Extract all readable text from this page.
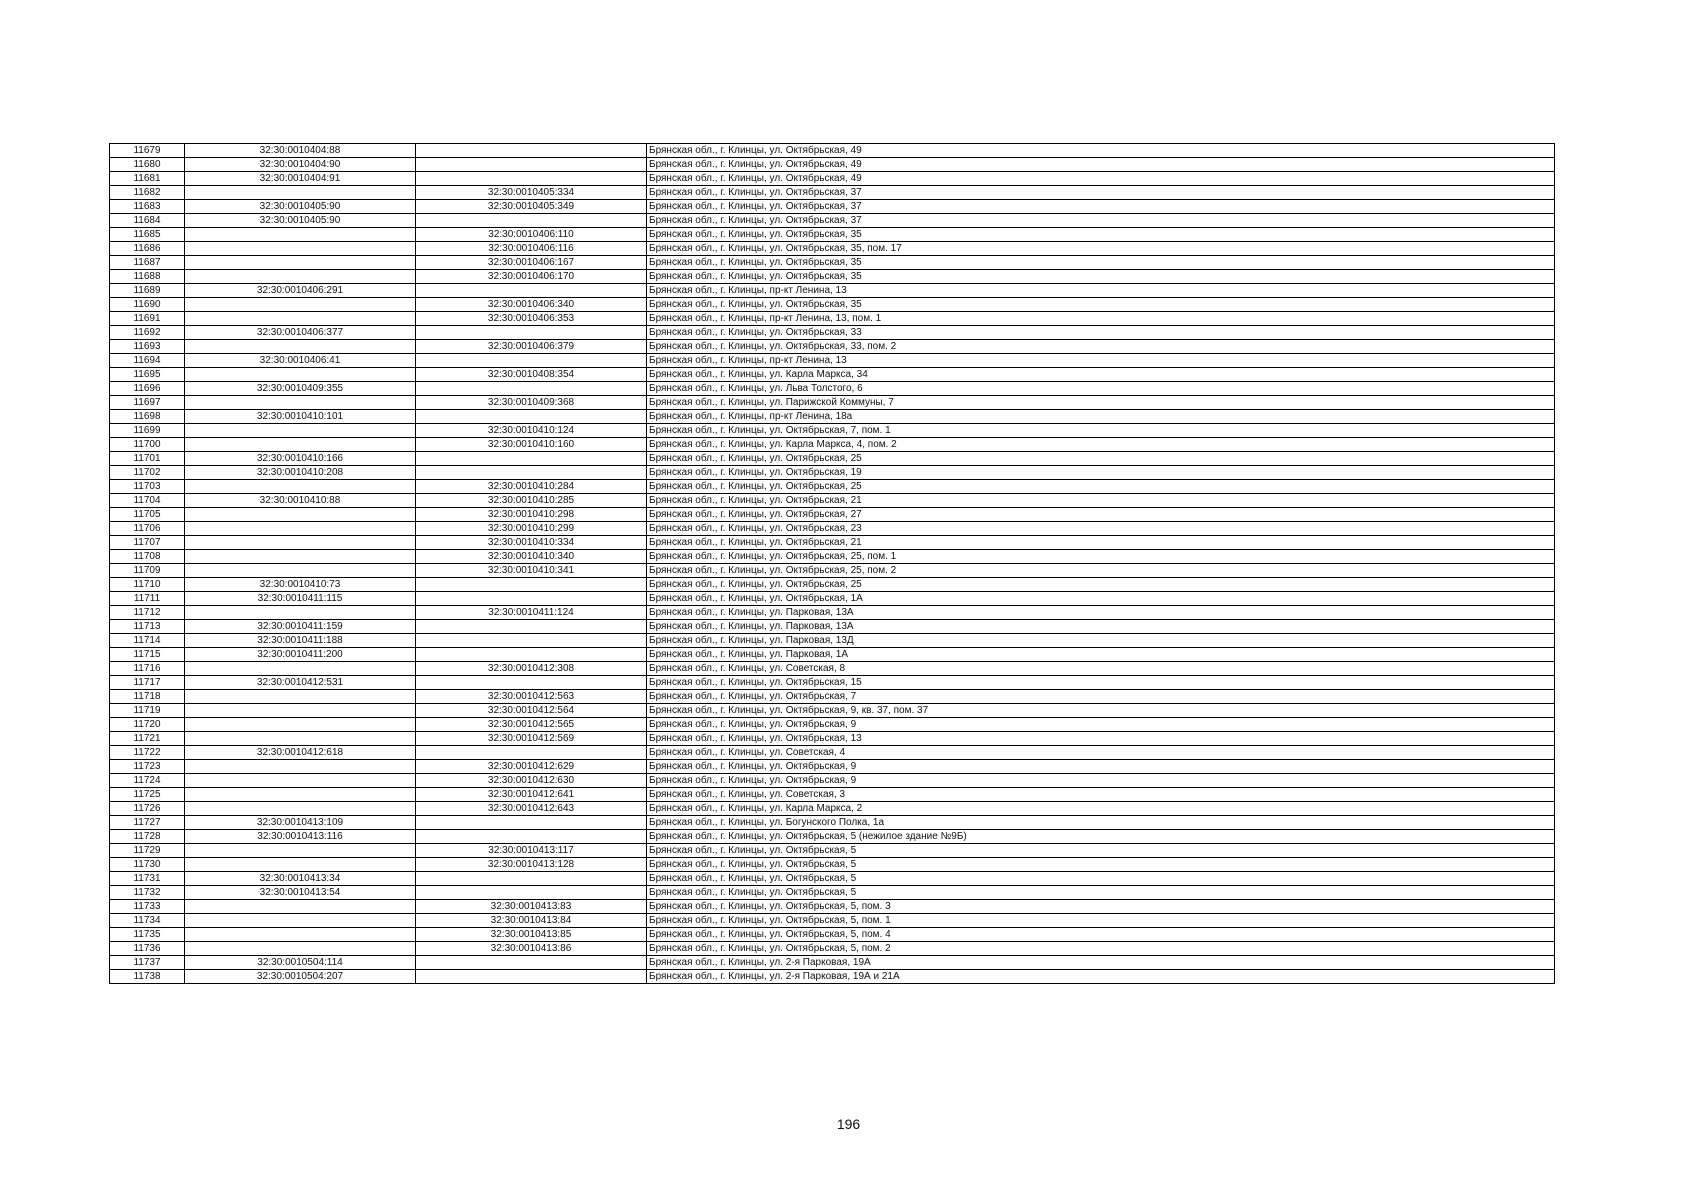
11679	32:30:0010404:88		Брянская обл., г. Клинцы, ул. Октябрьская, 49
11680	32:30:0010404:90		Брянская обл., г. Клинцы, ул. Октябрьская, 49
11681	32:30:0010404:91		Брянская обл., г. Клинцы, ул. Октябрьская, 49
11682		32:30:0010405:334	Брянская обл., г. Клинцы, ул. Октябрьская, 37
11683	32:30:0010405:90	32:30:0010405:349	Брянская обл., г. Клинцы, ул. Октябрьская, 37
11684	32:30:0010405:90		Брянская обл., г. Клинцы, ул. Октябрьская, 37
11685		32:30:0010406:110	Брянская обл., г. Клинцы, ул. Октябрьская, 35
11686		32:30:0010406:116	Брянская обл., г. Клинцы, ул. Октябрьская, 35, пом. 17
11687		32:30:0010406:167	Брянская обл., г. Клинцы, ул. Октябрьская, 35
11688		32:30:0010406:170	Брянская обл., г. Клинцы, ул. Октябрьская, 35
11689	32:30:0010406:291		Брянская обл., г. Клинцы, пр-кт Ленина, 13
11690		32:30:0010406:340	Брянская обл., г. Клинцы, ул. Октябрьская, 35
11691		32:30:0010406:353	Брянская обл., г. Клинцы, пр-кт Ленина, 13, пом. 1
11692	32:30:0010406:377		Брянская обл., г. Клинцы, ул. Октябрьская, 33
11693		32:30:0010406:379	Брянская обл., г. Клинцы, ул. Октябрьская, 33, пом. 2
11694	32:30:0010406:41		Брянская обл., г. Клинцы, пр-кт Ленина, 13
11695		32:30:0010408:354	Брянская обл., г. Клинцы, ул. Карла Маркса, 34
11696	32:30:0010409:355		Брянская обл., г. Клинцы, ул. Льва Толстого, 6
11697		32:30:0010409:368	Брянская обл., г. Клинцы, ул. Парижской Коммуны, 7
11698	32:30:0010410:101		Брянская обл., г. Клинцы, пр-кт Ленина, 18а
11699		32:30:0010410:124	Брянская обл., г. Клинцы, ул. Октябрьская, 7, пом. 1
11700		32:30:0010410:160	Брянская обл., г. Клинцы, ул. Карла Маркса, 4, пом. 2
11701	32:30:0010410:166		Брянская обл., г. Клинцы, ул. Октябрьская, 25
11702	32:30:0010410:208		Брянская обл., г. Клинцы, ул. Октябрьская, 19
11703		32:30:0010410:284	Брянская обл., г. Клинцы, ул. Октябрьская, 25
11704	32:30:0010410:88	32:30:0010410:285	Брянская обл., г. Клинцы, ул. Октябрьская, 21
11705		32:30:0010410:298	Брянская обл., г. Клинцы, ул. Октябрьская, 27
11706		32:30:0010410:299	Брянская обл., г. Клинцы, ул. Октябрьская, 23
11707		32:30:0010410:334	Брянская обл., г. Клинцы, ул. Октябрьская, 21
11708		32:30:0010410:340	Брянская обл., г. Клинцы, ул. Октябрьская, 25, пом. 1
11709		32:30:0010410:341	Брянская обл., г. Клинцы, ул. Октябрьская, 25, пом. 2
11710	32:30:0010410:73		Брянская обл., г. Клинцы, ул. Октябрьская, 25
11711	32:30:0010411:115		Брянская обл., г. Клинцы, ул. Октябрьская, 1А
11712		32:30:0010411:124	Брянская обл., г. Клинцы, ул. Парковая, 13А
11713	32:30:0010411:159		Брянская обл., г. Клинцы, ул. Парковая, 13А
11714	32:30:0010411:188		Брянская обл., г. Клинцы, ул. Парковая, 13Д
11715	32:30:0010411:200		Брянская обл., г. Клинцы, ул. Парковая, 1А
11716		32:30:0010412:308	Брянская обл., г. Клинцы, ул. Советская, 8
11717	32:30:0010412:531		Брянская обл., г. Клинцы, ул. Октябрьская, 15
11718		32:30:0010412:563	Брянская обл., г. Клинцы, ул. Октябрьская, 7
11719		32:30:0010412:564	Брянская обл., г. Клинцы, ул. Октябрьская, 9, кв. 37, пом. 37
11720		32:30:0010412:565	Брянская обл., г. Клинцы, ул. Октябрьская, 9
11721		32:30:0010412:569	Брянская обл., г. Клинцы, ул. Октябрьская, 13
11722	32:30:0010412:618		Брянская обл., г. Клинцы, ул. Советская, 4
11723		32:30:0010412:629	Брянская обл., г. Клинцы, ул. Октябрьская, 9
11724		32:30:0010412:630	Брянская обл., г. Клинцы, ул. Октябрьская, 9
11725		32:30:0010412:641	Брянская обл., г. Клинцы, ул. Советская, 3
11726		32:30:0010412:643	Брянская обл., г. Клинцы, ул. Карла Маркса, 2
11727	32:30:0010413:109		Брянская обл., г. Клинцы, ул. Богунского Полка, 1а
11728	32:30:0010413:116		Брянская обл., г. Клинцы, ул. Октябрьская, 5 (нежилое здание №9Б)
11729		32:30:0010413:117	Брянская обл., г. Клинцы, ул. Октябрьская, 5
11730		32:30:0010413:128	Брянская обл., г. Клинцы, ул. Октябрьская, 5
11731	32:30:0010413:34		Брянская обл., г. Клинцы, ул. Октябрьская, 5
11732	32:30:0010413:54		Брянская обл., г. Клинцы, ул. Октябрьская, 5
11733		32:30:0010413:83	Брянская обл., г. Клинцы, ул. Октябрьская, 5, пом. 3
11734		32:30:0010413:84	Брянская обл., г. Клинцы, ул. Октябрьская, 5, пом. 1
11735		32:30:0010413:85	Брянская обл., г. Клинцы, ул. Октябрьская, 5, пом. 4
11736		32:30:0010413:86	Брянская обл., г. Клинцы, ул. Октябрьская, 5, пом. 2
11737	32:30:0010504:114		Брянская обл., г. Клинцы, ул. 2-я Парковая, 19А
11738	32:30:0010504:207		Брянская обл., г. Клинцы, ул. 2-я Парковая, 19А и 21А
196
